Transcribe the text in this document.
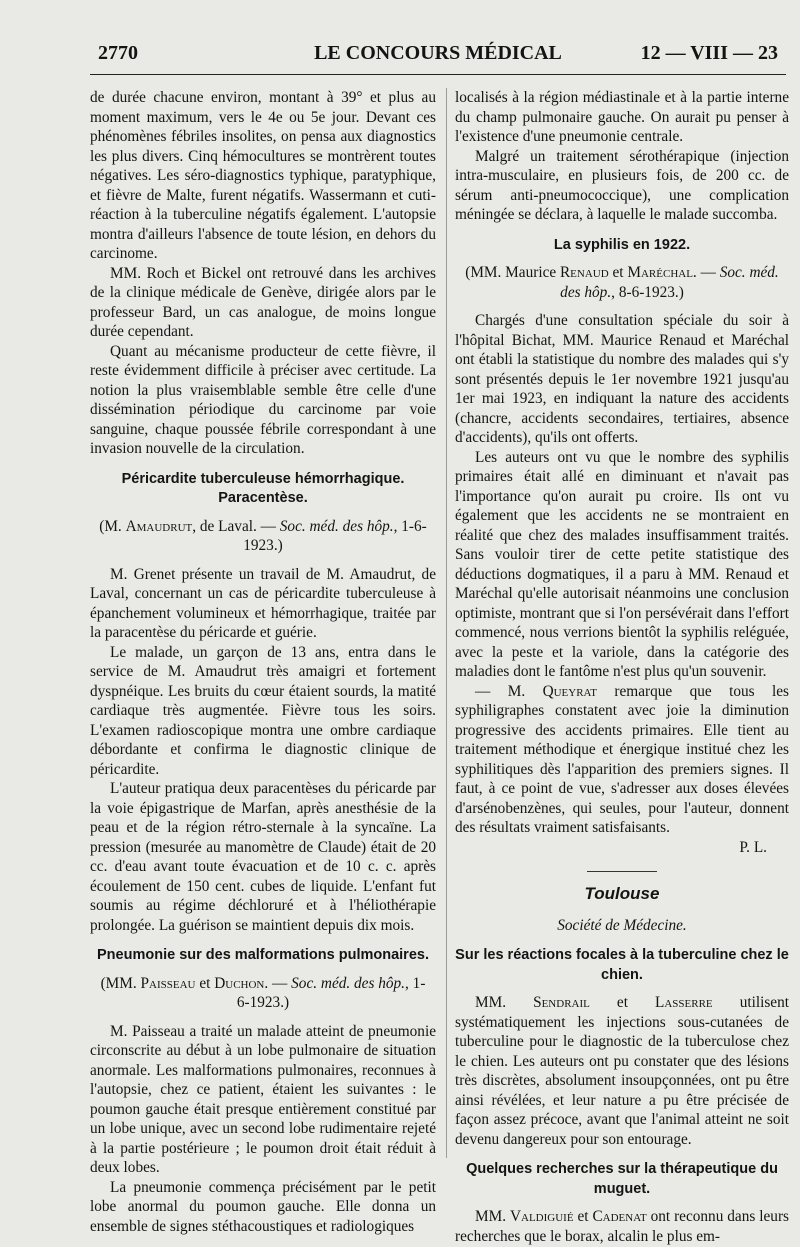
2770	LE CONCOURS MÉDICAL	12 — VIII — 23

de durée chacune environ, montant à 39° et plus au moment maximum, vers le 4e ou 5e jour. Devant ces phénomènes fébriles insolites, on pensa aux diagnostics les plus divers. Cinq hémocultures se montrèrent toutes négatives. Les séro-diagnostics typhique, paratyphique, et fièvre de Malte, furent négatifs. Wassermann et cuti-réaction à la tuberculine négatifs également. L'autopsie montra d'ailleurs l'absence de toute lésion, en dehors du carcinome.

MM. Roch et Bickel ont retrouvé dans les archives de la clinique médicale de Genève, dirigée alors par le professeur Bard, un cas analogue, de moins longue durée cependant.

Quant au mécanisme producteur de cette fièvre, il reste évidemment difficile à préciser avec certitude. La notion la plus vraisemblable semble être celle d'une dissémination périodique du carcinome par voie sanguine, chaque poussée fébrile correspondant à une invasion nouvelle de la circulation.

Péricardite tuberculeuse hémorrhagique. Paracentèse.

(M. Amaudrut, de Laval. — Soc. méd. des hôp., 1-6-1923.)

M. Grenet présente un travail de M. Amaudrut, de Laval, concernant un cas de péricardite tuberculeuse à épanchement volumineux et hémorrhagique, traitée par la paracentèse du péricarde et guérie.

Le malade, un garçon de 13 ans, entra dans le service de M. Amaudrut très amaigri et fortement dyspnéique. Les bruits du cœur étaient sourds, la matité cardiaque très augmentée. Fièvre tous les soirs. L'examen radioscopique montra une ombre cardiaque débordante et confirma le diagnostic clinique de péricardite.

L'auteur pratiqua deux paracentèses du péricarde par la voie épigastrique de Marfan, après anesthésie de la peau et de la région rétro-sternale à la syncaïne. La pression (mesurée au manomètre de Claude) était de 20 cc. d'eau avant toute évacuation et de 10 c. c. après écoulement de 150 cent. cubes de liquide. L'enfant fut soumis au régime déchloruré et à l'héliothérapie prolongée. La guérison se maintient depuis dix mois.

Pneumonie sur des malformations pulmonaires.

(MM. Paisseau et Duchon. — Soc. méd. des hôp., 1-6-1923.)

M. Paisseau a traité un malade atteint de pneumonie circonscrite au début à un lobe pulmonaire de situation anormale. Les malformations pulmonaires, reconnues à l'autopsie, chez ce patient, étaient les suivantes : le poumon gauche était presque entièrement constitué par un lobe unique, avec un second lobe rudimentaire rejeté à la partie postérieure ; le poumon droit était réduit à deux lobes.

La pneumonie commença précisément par le petit lobe anormal du poumon gauche. Elle donna un ensemble de signes stéthacoustiques et radiologiques

localisés à la région médiastinale et à la partie interne du champ pulmonaire gauche. On aurait pu penser à l'existence d'une pneumonie centrale.

Malgré un traitement sérothérapique (injection intra-musculaire, en plusieurs fois, de 200 cc. de sérum anti-pneumococcique), une complication méningée se déclara, à laquelle le malade succomba.

La syphilis en 1922.

(MM. Maurice Renaud et Maréchal. — Soc. méd. des hôp., 8-6-1923.)

Chargés d'une consultation spéciale du soir à l'hôpital Bichat, MM. Maurice Renaud et Maréchal ont établi la statistique du nombre des malades qui s'y sont présentés depuis le 1er novembre 1921 jusqu'au 1er mai 1923, en indiquant la nature des accidents (chancre, accidents secondaires, tertiaires, absence d'accidents), qu'ils ont offerts.

Les auteurs ont vu que le nombre des syphilis primaires était allé en diminuant et n'avait pas l'importance qu'on aurait pu croire. Ils ont vu également que les accidents ne se montraient en réalité que chez des malades insuffisamment traités. Sans vouloir tirer de cette petite statistique des déductions dogmatiques, il a paru à MM. Renaud et Maréchal qu'elle autorisait néanmoins une conclusion optimiste, montrant que si l'on persévérait dans l'effort commencé, nous verrions bientôt la syphilis reléguée, avec la peste et la variole, dans la catégorie des maladies dont le fantôme n'est plus qu'un souvenir.

— M. Queyrat remarque que tous les syphiligraphes constatent avec joie la diminution progressive des accidents primaires. Elle tient au traitement méthodique et énergique institué chez les syphilitiques dès l'apparition des premiers signes. Il faut, à ce point de vue, s'adresser aux doses élevées d'arsénobenzènes, qui seules, pour l'auteur, donnent des résultats vraiment satisfaisants.

P. L.

Toulouse
Société de Médecine.
Sur les réactions focales à la tuberculine chez le chien.

MM. Sendrail et Lasserre utilisent systématiquement les injections sous-cutanées de tuberculine pour le diagnostic de la tuberculose chez le chien. Les auteurs ont pu constater que des lésions très discrètes, absolument insoupçonnées, ont pu être ainsi révélées, et leur nature a pu être précisée de façon assez précoce, avant que l'animal atteint ne soit devenu dangereux pour son entourage.

Quelques recherches sur la thérapeutique du muguet.

MM. Valdiguié et Cadenat ont reconnu dans leurs recherches que le borax, alcalin le plus em-
